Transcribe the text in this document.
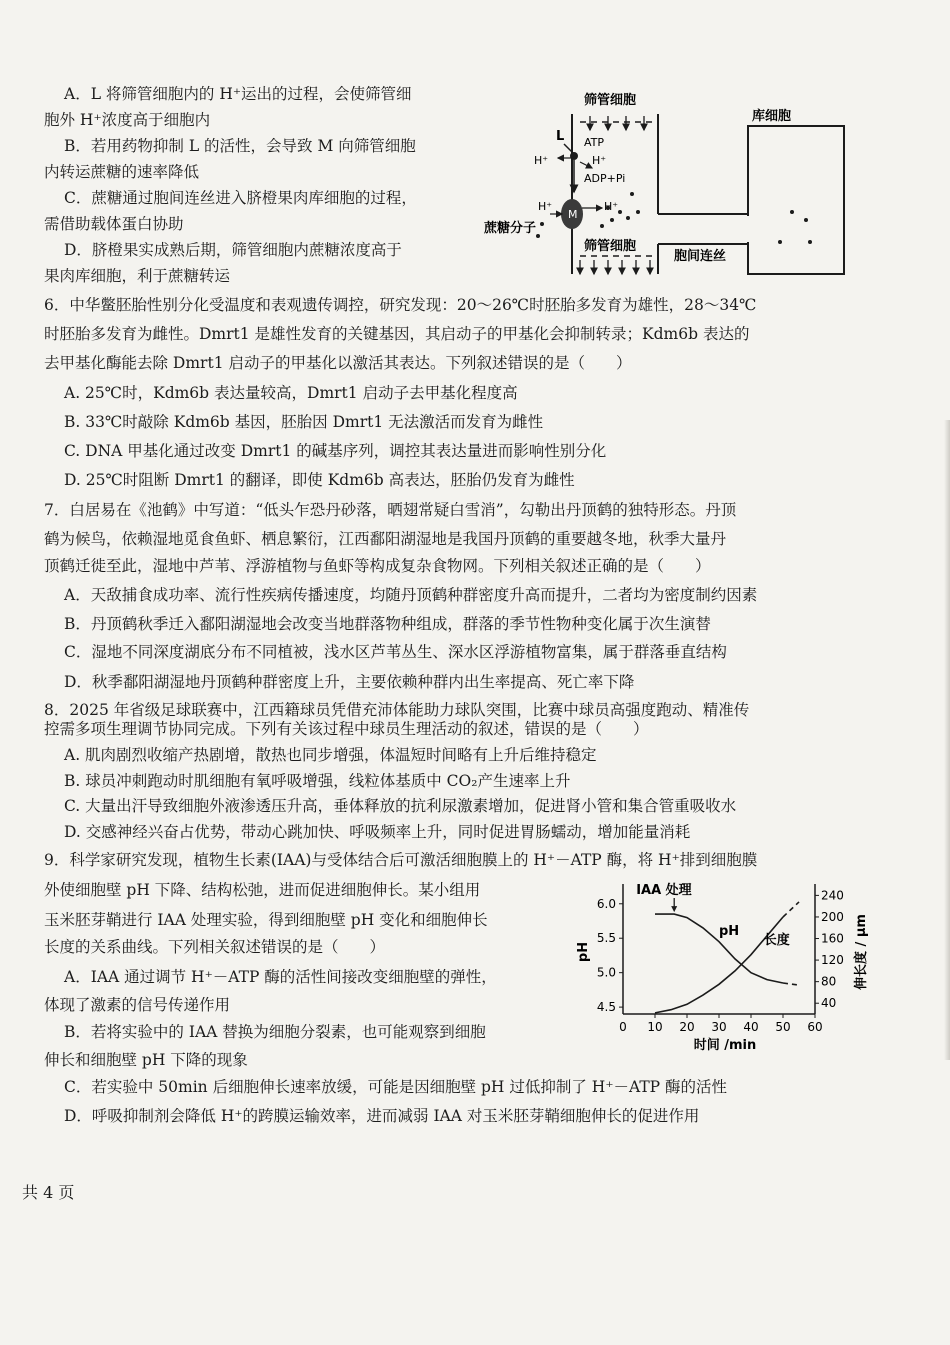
A．L 将筛管细胞内的 H⁺运出的过程，会使筛管细
胞外 H⁺浓度高于细胞内
B．若用药物抑制 L 的活性，会导致 M 向筛管细胞
内转运蔗糖的速率降低
C．蔗糖通过胞间连丝进入脐橙果肉库细胞的过程，
需借助载体蛋白协助
D．脐橙果实成熟后期，筛管细胞内蔗糖浓度高于
果肉库细胞，利于蔗糖转运
筛管细胞
库细胞
L
H⁺
ATP
H⁺
ADP+Pi
H⁺	H⁺
M
蔗糖分子
筛管细胞
胞间连丝
6．中华鳖胚胎性别分化受温度和表观遗传调控，研究发现：20～26℃时胚胎多发育为雄性，28～34℃
时胚胎多发育为雌性。Dmrt1 是雄性发育的关键基因，其启动子的甲基化会抑制转录；Kdm6b 表达的
去甲基化酶能去除 Dmrt1 启动子的甲基化以激活其表达。下列叙述错误的是（　　）
A. 25℃时，Kdm6b 表达量较高，Dmrt1 启动子去甲基化程度高
B. 33℃时敲除 Kdm6b 基因，胚胎因 Dmrt1 无法激活而发育为雌性
C. DNA 甲基化通过改变 Dmrt1 的碱基序列，调控其表达量进而影响性别分化
D. 25℃时阻断 Dmrt1 的翻译，即使 Kdm6b 高表达，胚胎仍发育为雌性
7．白居易在《池鹤》中写道：“低头乍恐丹砂落，晒翅常疑白雪消”，勾勒出丹顶鹤的独特形态。丹顶
鹤为候鸟，依赖湿地觅食鱼虾、栖息繁衍，江西鄱阳湖湿地是我国丹顶鹤的重要越冬地，秋季大量丹
顶鹤迁徙至此，湿地中芦苇、浮游植物与鱼虾等构成复杂食物网。下列相关叙述正确的是（　　）
A．天敌捕食成功率、流行性疾病传播速度，均随丹顶鹤种群密度升高而提升，二者均为密度制约因素
B．丹顶鹤秋季迁入鄱阳湖湿地会改变当地群落物种组成，群落的季节性物种变化属于次生演替
C．湿地不同深度湖底分布不同植被，浅水区芦苇丛生、深水区浮游植物富集，属于群落垂直结构
D．秋季鄱阳湖湿地丹顶鹤种群密度上升，主要依赖种群内出生率提高、死亡率下降
8．2025 年省级足球联赛中，江西籍球员凭借充沛体能助力球队突围，比赛中球员高强度跑动、精准传
控需多项生理调节协同完成。下列有关该过程中球员生理活动的叙述，错误的是（　　）
A. 肌肉剧烈收缩产热剧增，散热也同步增强，体温短时间略有上升后维持稳定
B. 球员冲刺跑动时肌细胞有氧呼吸增强，线粒体基质中 CO₂产生速率上升
C. 大量出汗导致细胞外液渗透压升高，垂体释放的抗利尿激素增加，促进肾小管和集合管重吸收水
D. 交感神经兴奋占优势，带动心跳加快、呼吸频率上升，同时促进胃肠蠕动，增加能量消耗
9．科学家研究发现，植物生长素(IAA)与受体结合后可激活细胞膜上的 H⁺－ATP 酶，将 H⁺排到细胞膜
外使细胞壁 pH 下降、结构松弛，进而促进细胞伸长。某小组用
玉米胚芽鞘进行 IAA 处理实验，得到细胞壁 pH 变化和细胞伸长
长度的关系曲线。下列相关叙述错误的是（　　）
A．IAA 通过调节 H⁺－ATP 酶的活性间接改变细胞壁的弹性，
体现了激素的信号传递作用
B．若将实验中的 IAA 替换为细胞分裂素，也可能观察到细胞
伸长和细胞壁 pH 下降的现象
C．若实验中 50min 后细胞伸长速率放缓，可能是因细胞壁 pH 过低抑制了 H⁺－ATP 酶的活性
D．呼吸抑制剂会降低 H⁺的跨膜运输效率，进而减弱 IAA 对玉米胚芽鞘细胞伸长的促进作用
4.5
5.0
5.5
6.0
40
80
120
160
200
240
0 10 20 30 40 50 60
时间 /min
pH	伸长度 / μm
IAA 处理
pH
长度
共 4 页
